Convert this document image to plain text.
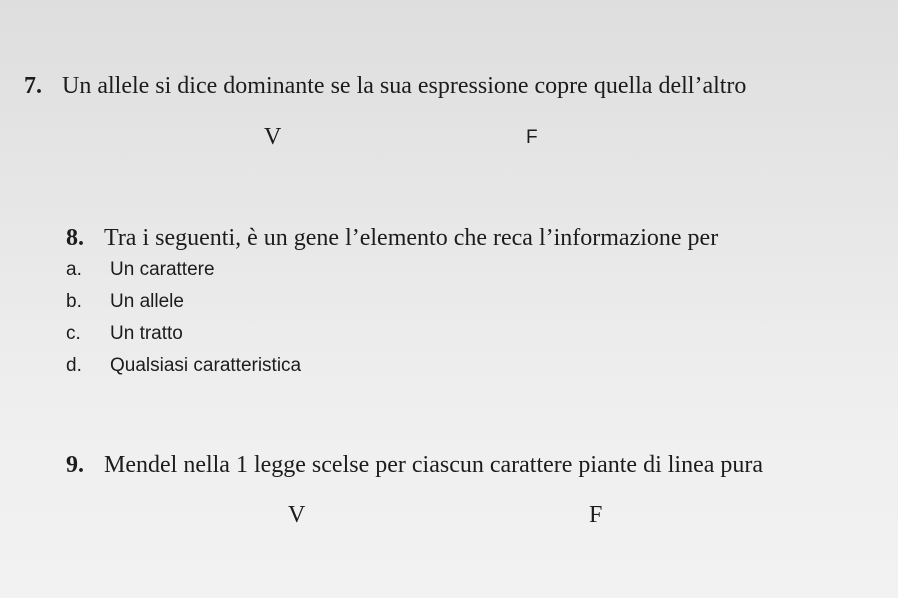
7. Un allele si dice dominante se la sua espressione copre quella dell’altro
V	F
8. Tra i seguenti, è un gene l’elemento che reca l’informazione per
a. Un carattere
b. Un allele
c. Un tratto
d. Qualsiasi caratteristica
9. Mendel nella 1 legge scelse per ciascun carattere piante di linea pura
V	F
